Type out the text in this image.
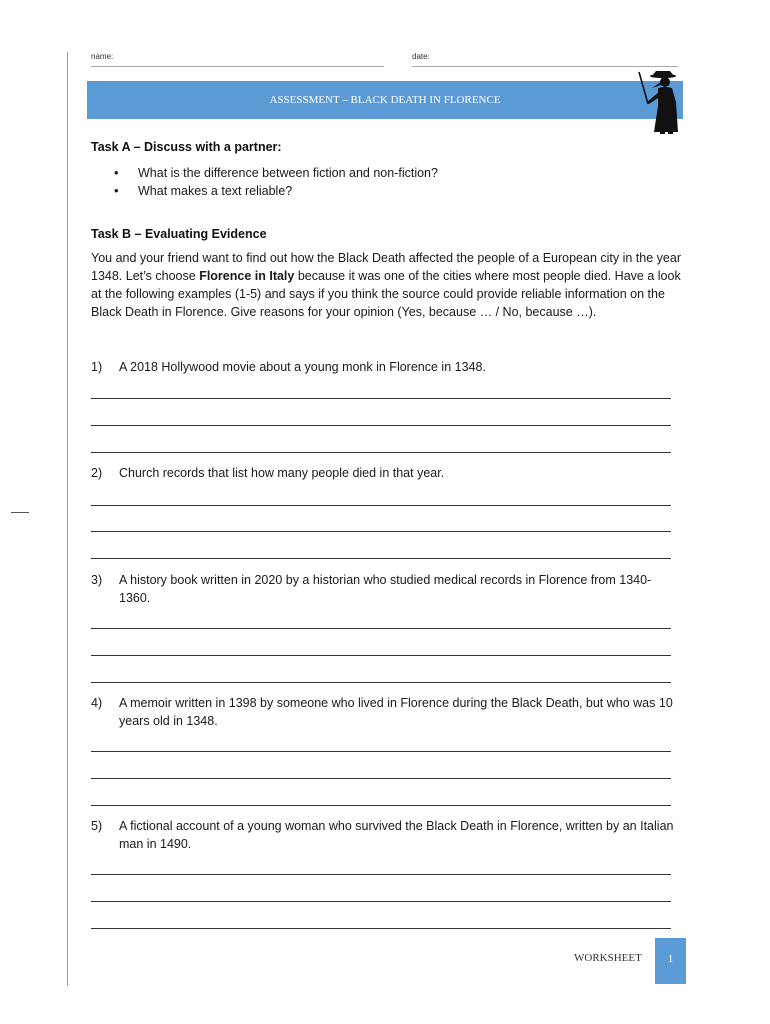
name:	date:
ASSESSMENT – BLACK DEATH IN FLORENCE
Task A – Discuss with a partner:
• What is the difference between fiction and non-fiction?
• What makes a text reliable?
Task B – Evaluating Evidence

You and your friend want to find out how the Black Death affected the people of a European city in the year 1348. Let’s choose Florence in Italy because it was one of the cities where most people died. Have a look at the following examples (1-5) and says if you think the source could provide reliable information on the Black Death in Florence. Give reasons for your opinion (Yes, because … / No, because …).

1) A 2018 Hollywood movie about a young monk in Florence in 1348.
2) Church records that list how many people died in that year.
3) A history book written in 2020 by a historian who studied medical records in Florence from 1340-1360.
4) A memoir written in 1398 by someone who lived in Florence during the Black Death, but who was 10 years old in 1348.
5) A fictional account of a young woman who survived the Black Death in Florence, written by an Italian man in 1490.
WORKSHEET	1
